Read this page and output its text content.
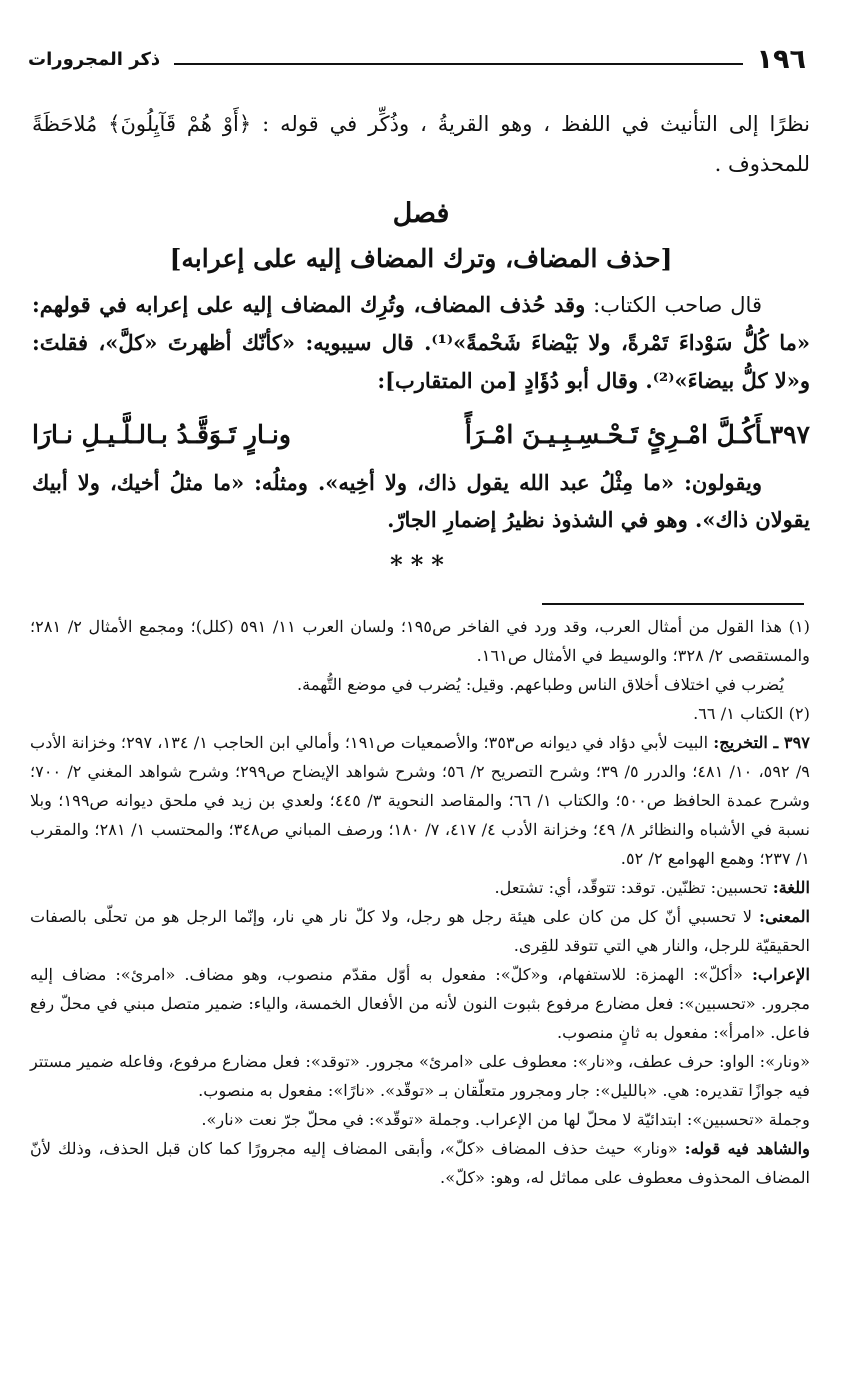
١٩٦
ذكر المجرورات

نظرًا إلى التأنيث في اللفظ ، وهو القريةُ ، وذُكِّر في قوله : ﴿أَوْ هُمْ قَآيِلُونَ﴾ مُلاحَظَةً للمحذوف .

فصل
[حذف المضاف، وترك المضاف إليه على إعرابه]

قال صاحب الكتاب: وقد حُذف المضاف، وتُرِك المضاف إليه على إعرابه في قولهم: «ما كُلُّ سَوْداءَ تَمْرةً، ولا بَيْضاءَ شَحْمةً»⁽¹⁾. قال سيبويه: «كأنّك أظهرتَ «كلَّ»، فقلتَ: و«لا كلُّ بيضاءَ»⁽²⁾. وقال أبو دُؤَادٍ [من المتقارب]:

٣٩٧ـأَكُـلَّ امْـرِئٍ تَـحْـسِـبِـيـنَ امْـرَأً
ونـارٍ تَـوَقَّـدُ بـالـلَّـيـلِ نـارَا

ويقولون: «ما مِثْلُ عبد الله يقول ذاك، ولا أخِيه». ومثلُه: «ما مثلُ أخيك، ولا أبيك يقولان ذاك». وهو في الشذوذ نظيرُ إضمارِ الجارّ.

***

(١) هذا القول من أمثال العرب، وقد ورد في الفاخر ص١٩٥؛ ولسان العرب ١١/ ٥٩١ (كلل)؛ ومجمع الأمثال ٢/ ٢٨١؛ والمستقصى ٢/ ٣٢٨؛ والوسيط في الأمثال ص١٦١.

يُضرب في اختلاف أخلاق الناس وطباعهم. وقيل: يُضرب في موضع التُّهمة.

(٢) الكتاب ١/ ٦٦.

٣٩٧ ـ التخريج: البيت لأبي دؤاد في ديوانه ص٣٥٣؛ والأصمعيات ص١٩١؛ وأمالي ابن الحاجب ١/ ١٣٤، ٢٩٧؛ وخزانة الأدب ٩/ ٥٩٢، ١٠/ ٤٨١؛ والدرر ٥/ ٣٩؛ وشرح التصريح ٢/ ٥٦؛ وشرح شواهد الإيضاح ص٢٩٩؛ وشرح شواهد المغني ٢/ ٧٠٠؛ وشرح عمدة الحافظ ص٥٠٠؛ والكتاب ١/ ٦٦؛ والمقاصد النحوية ٣/ ٤٤٥؛ ولعدي بن زيد في ملحق ديوانه ص١٩٩؛ وبلا نسبة في الأشباه والنظائر ٨/ ٤٩؛ وخزانة الأدب ٤/ ٤١٧، ٧/ ١٨٠؛ ورصف المباني ص٣٤٨؛ والمحتسب ١/ ٢٨١؛ والمقرب ١/ ٢٣٧؛ وهمع الهوامع ٢/ ٥٢.

اللغة: تحسبين: تظنّين. توقد: تتوقّد، أي: تشتعل.

المعنى: لا تحسبي أنّ كل من كان على هيئة رجل هو رجل، ولا كلّ نار هي نار، وإنّما الرجل هو من تحلّى بالصفات الحقيقيّة للرجل، والنار هي التي تتوقد للقِرى.

الإعراب: «أكلّ»: الهمزة: للاستفهام، و«كلّ»: مفعول به أوّل مقدّم منصوب، وهو مضاف. «امرئ»: مضاف إليه مجرور. «تحسبين»: فعل مضارع مرفوع بثبوت النون لأنه من الأفعال الخمسة، والياء: ضمير متصل مبني في محلّ رفع فاعل. «امرأ»: مفعول به ثانٍ منصوب.

«ونار»: الواو: حرف عطف، و«نار»: معطوف على «امرئ» مجرور. «توقد»: فعل مضارع مرفوع، وفاعله ضمير مستتر فيه جوازًا تقديره: هي. «بالليل»: جار ومجرور متعلّقان بـ «توقّد». «نارًا»: مفعول به منصوب.

وجملة «تحسبين»: ابتدائيّة لا محلّ لها من الإعراب. وجملة «توقّد»: في محلّ جرّ نعت «نار».

والشاهد فيه قوله: «ونار» حيث حذف المضاف «كلّ»، وأبقى المضاف إليه مجرورًا كما كان قبل الحذف، وذلك لأنّ المضاف المحذوف معطوف على مماثل له، وهو: «كلّ».
